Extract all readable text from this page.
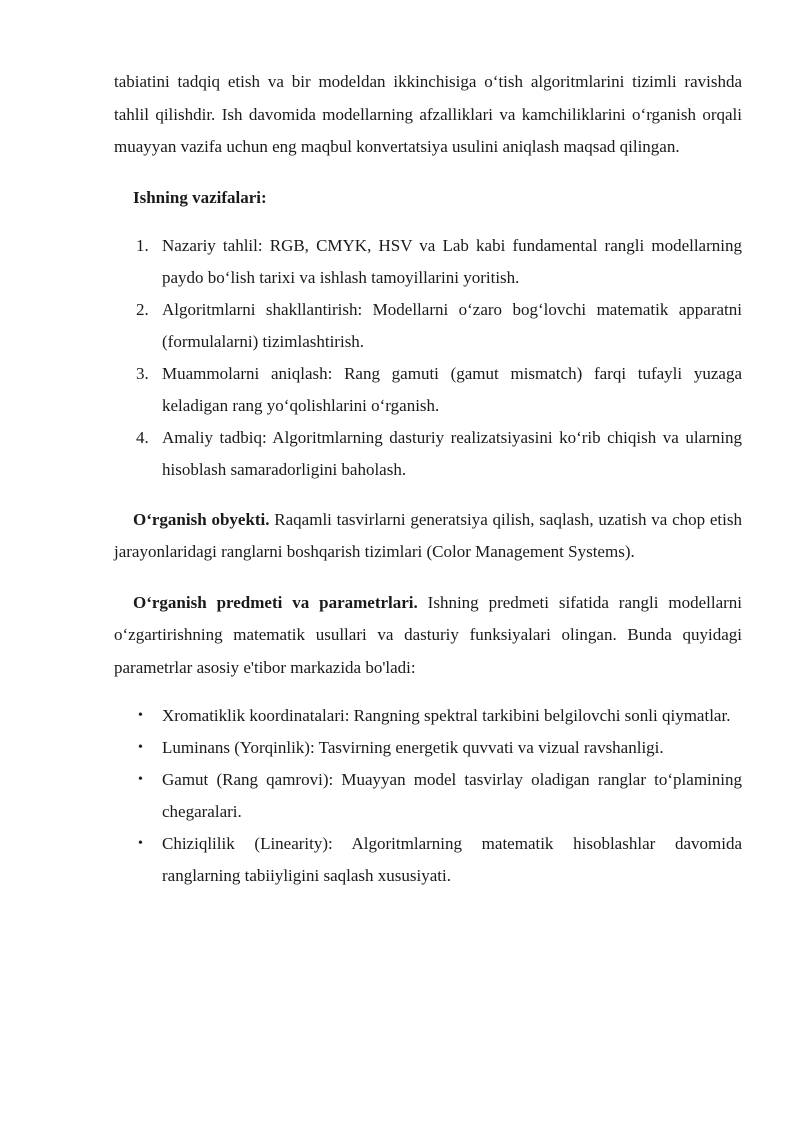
tabiatini tadqiq etish va bir modeldan ikkinchisiga o‘tish algoritmlarini tizimli ravishda tahlil qilishdir. Ish davomida modellarning afzalliklari va kamchiliklarini o‘rganish orqali muayyan vazifa uchun eng maqbul konvertatsiya usulini aniqlash maqsad qilingan.

Ishning vazifalari:

1. Nazariy tahlil: RGB, CMYK, HSV va Lab kabi fundamental rangli modellarning paydo bo‘lish tarixi va ishlash tamoyillarini yoritish.
2. Algoritmlarni shakllantirish: Modellarni o‘zaro bog‘lovchi matematik apparatni (formulalarni) tizimlashtirish.
3. Muammolarni aniqlash: Rang gamuti (gamut mismatch) farqi tufayli yuzaga keladigan rang yo‘qolishlarini o‘rganish.
4. Amaliy tadbiq: Algoritmlarning dasturiy realizatsiyasini ko‘rib chiqish va ularning hisoblash samaradorligini baholash.

O‘rganish obyekti. Raqamli tasvirlarni generatsiya qilish, saqlash, uzatish va chop etish jarayonlaridagi ranglarni boshqarish tizimlari (Color Management Systems).

O‘rganish predmeti va parametrlari. Ishning predmeti sifatida rangli modellarni o‘zgartirishning matematik usullari va dasturiy funksiyalari olingan. Bunda quyidagi parametrlar asosiy e'tibor markazida bo'ladi:

• Xromatiklik koordinatalari: Rangning spektral tarkibini belgilovchi sonli qiymatlar.
• Luminans (Yorqinlik): Tasvirning energetik quvvati va vizual ravshanligi.
• Gamut (Rang qamrovi): Muayyan model tasvirlay oladigan ranglar to‘plamining chegaralari.
• Chiziqlilik (Linearity): Algoritmlarning matematik hisoblashlar davomida ranglarning tabiiyligini saqlash xususiyati.
